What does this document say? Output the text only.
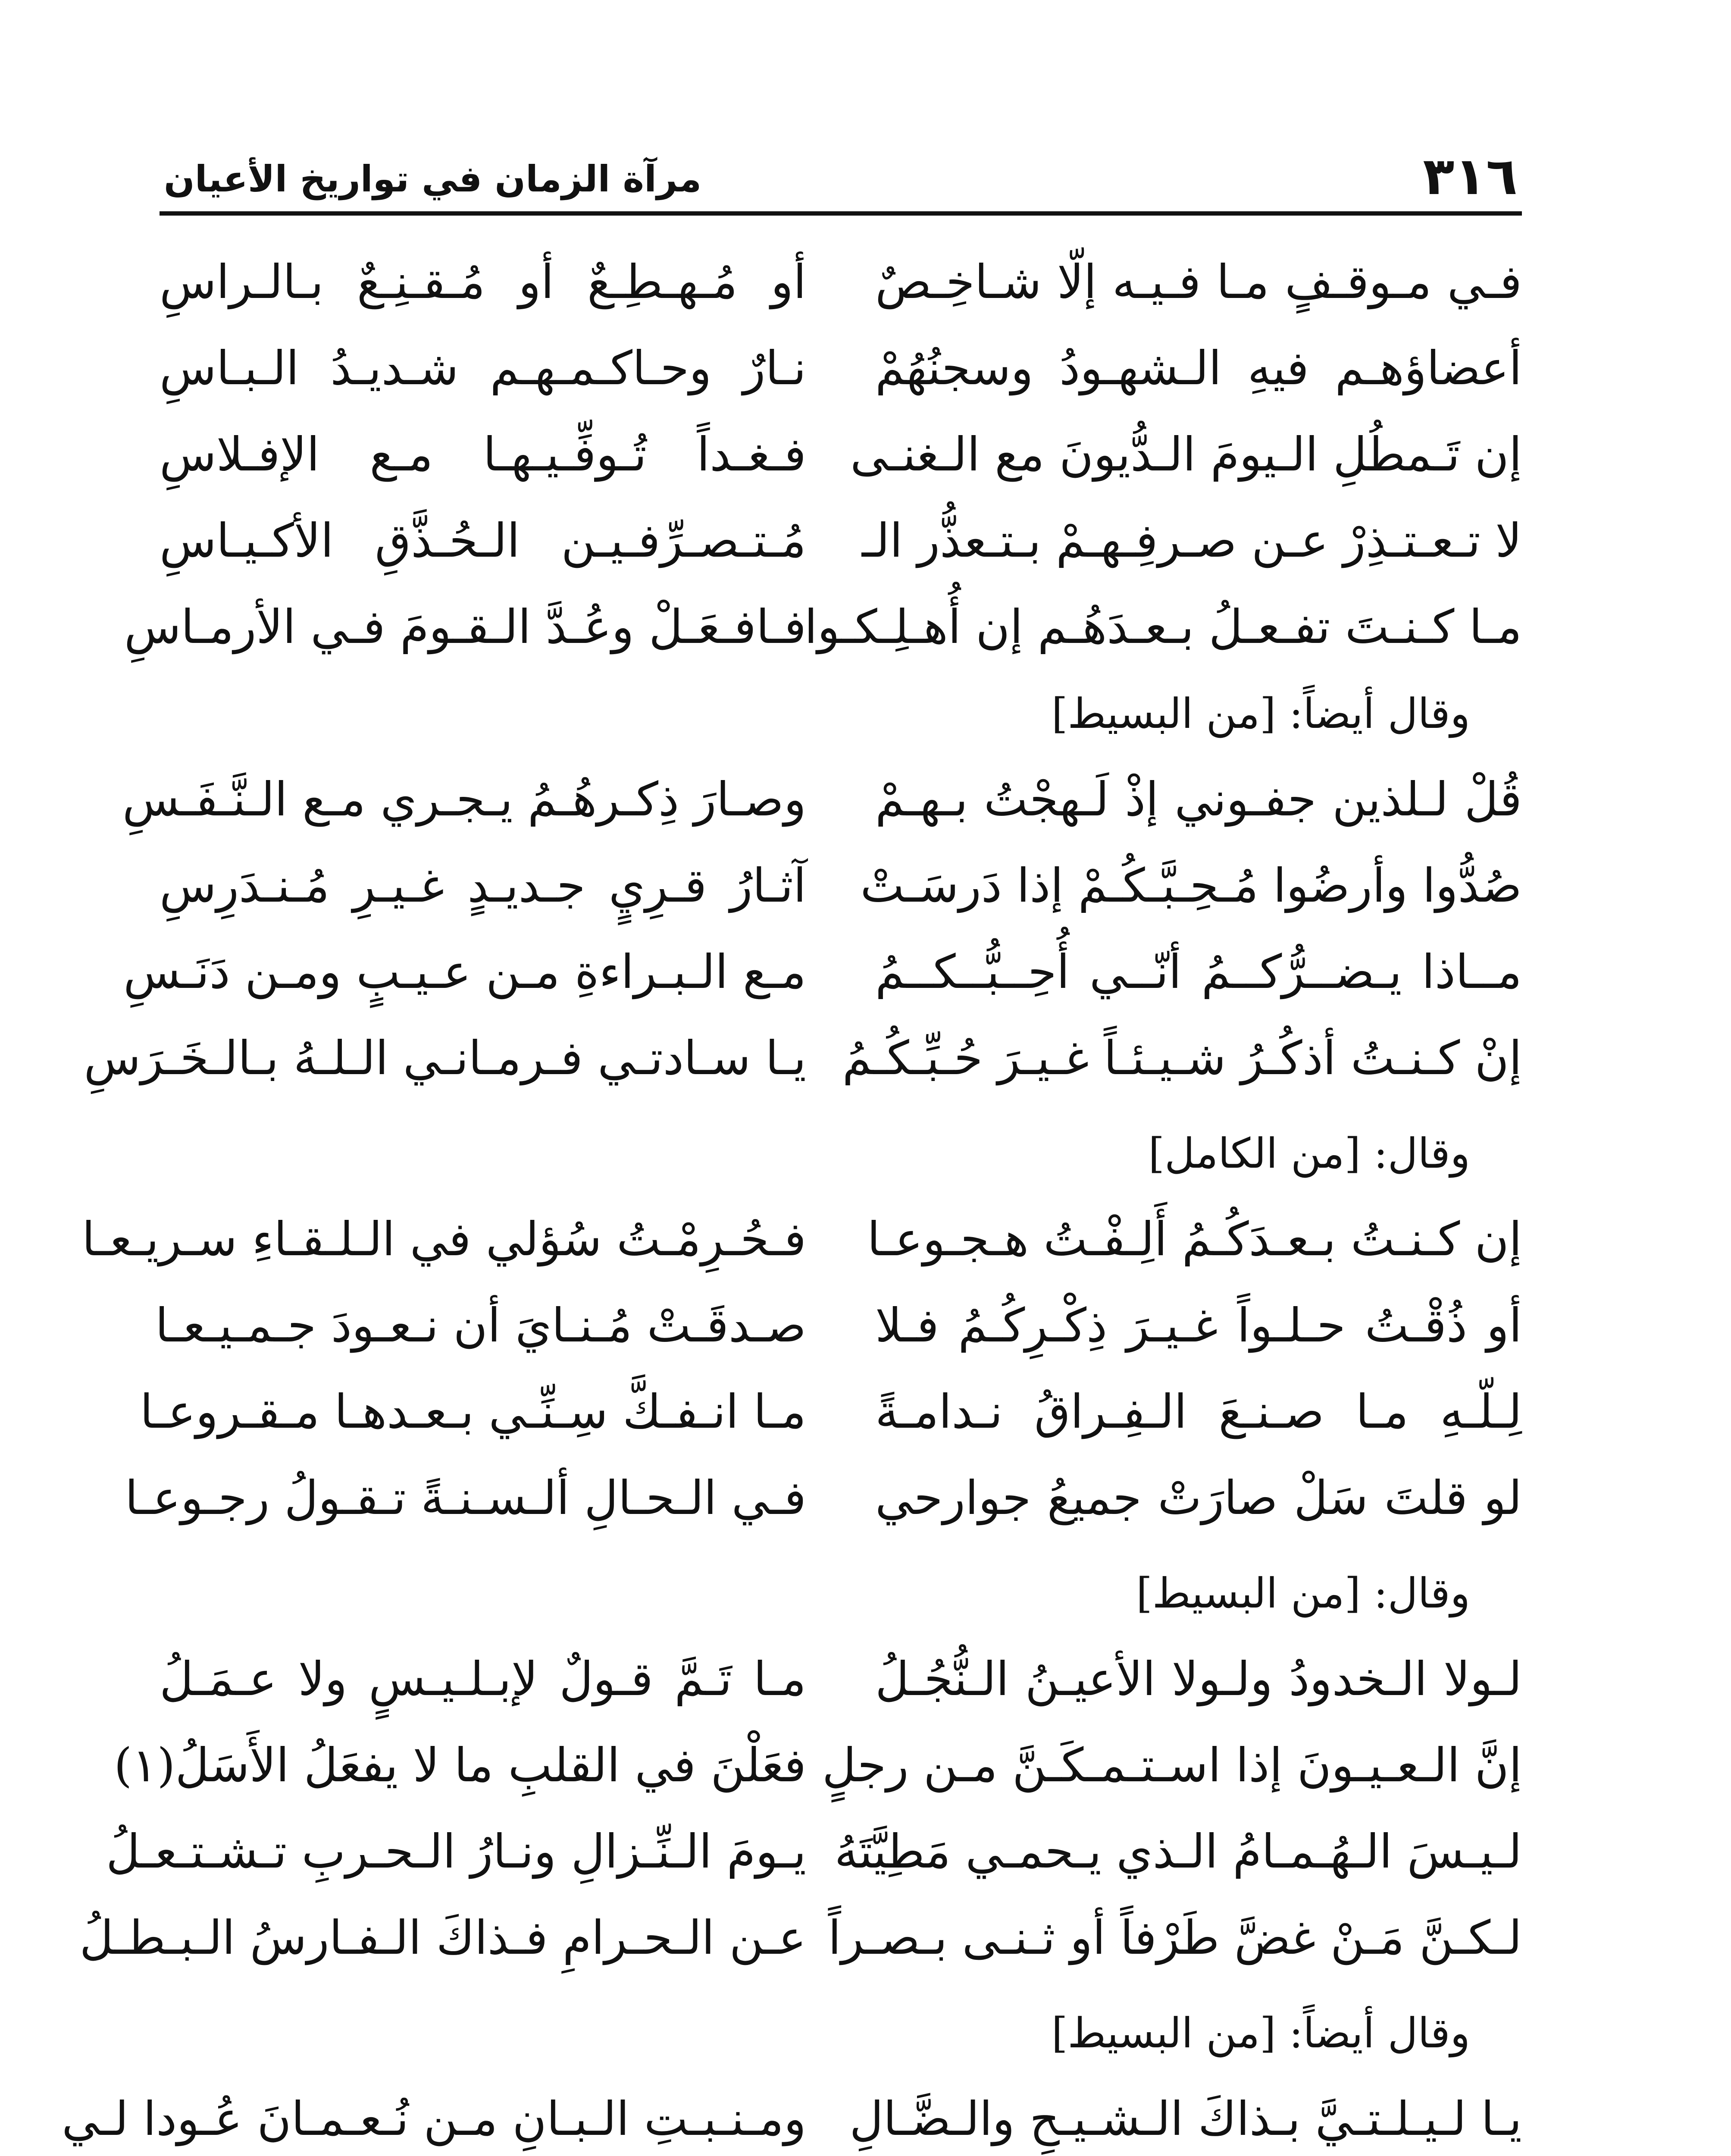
٣١٦
مرآة الزمان في تواريخ الأعيان
فـي مـوقـفٍ مـا فـيـه إلّا شـاخِـصٌ
أو مُـهـطِـعٌ أو مُـقـنِـعٌ بـالـراسِ
أعضاؤهـم فيهِ الـشهـودُ وسجنُهُمْ
نـارٌ وحـاكـمـهـم شـديـدُ الـبـاسِ
إن تَـمطُلِ الـيومَ الـدُّيونَ مع الـغنـى
فـغـداً تُـوفِّـيـهـا مـع الإفـلاسِ
لا تـعـتـذِرْ عـن صـرفِـهـمْ بـتـعذُّر الـ
مُـتـصـرِّفـيـن الـحُـذَّقِ الأكـيـاسِ
مـا كـنـتَ تفـعـلُ بـعـدَهُـم إن أُهـلِـكـوا
فـافـعَـلْ وعُـدَّ الـقـومَ فـي الأرمـاسِ
وقال أيضاً: [من البسيط]
قُلْ لـلذين جفـوني إذْ لَـهجْتُ بـهـمْ
وصـارَ ذِكـرهُـمُ يـجـري مـع الـنَّـفَـسِ
صُدُّوا وأرضُوا مُـحِـبَّـكُـمْ إذا دَرسَـتْ
آثـارُ قـرِيٍ جـديـدٍ غـيـرِ مُـنـدَرِسِ
مــاذا يـضــرُّكــمُ أنّــي أُحِــبُّــكــمُ
مـع الـبـراءةِ مـن عـيـبٍ ومـن دَنَـسِ
إنْ كـنـتُ أذكُـرُ شـيـئـاً غـيـرَ حُـبِّـكُـمُ
يـا سـادتـي فـرمـانـي الـلـهُ بـالـخَـرَسِ
وقال: [من الكامل]
إن كـنـتُ بـعـدَكُـمُ أَلِـفْـتُ هـجـوعـا
فـحُـرِمْـتُ سُؤلي في الـلـقـاءِ سـريـعـا
أو ذُقْـتُ حـلـواً غـيـرَ ذِكْـرِكُـمُ فـلا
صـدقَـتْ مُـنـايَ أن نـعـودَ جـمـيـعـا
لِـلّـهِ مـا صـنـعَ الـفِـراقُ نـدامـةً
مـا انـفـكَّ سِـنِّـي بـعـدهـا مـقـروعـا
لو قلتَ سَلْ صارَتْ جميعُ جوارحي
فـي الـحـالِ ألـسـنـةً تـقـولُ رجـوعـا
وقال: [من البسيط]
لـولا الـخدودُ ولـولا الأعيـنُ الـنُّجُـلُ
مـا تَـمَّ قـولٌ لإبـلـيـسٍ ولا عـمَـلُ
إنَّ الـعـيـونَ إذا اسـتـمـكَـنَّ مـن رجلٍ
فعَلْنَ في القلبِ ما لا يفعَلُ الأَسَلُ(١)
لـيـسَ الـهُـمـامُ الـذي يـحمـي مَطِيَّتَهُ
يـومَ الـنِّـزالِ ونـارُ الـحـربِ تـشـتـعـلُ
لـكـنَّ مَـنْ غضَّ طَرْفاً أو ثـنـى بـصـراً
عـن الـحـرامِ فـذاكَ الـفـارسُ الـبـطـلُ
وقال أيضاً: [من البسيط]
يـا لـيـلـتـيَّ بـذاكَ الـشـيـحِ والـضَّـالِ
ومـنـبـتِ الـبـانِ مـن نُـعـمـانَ عُـودا لـي
